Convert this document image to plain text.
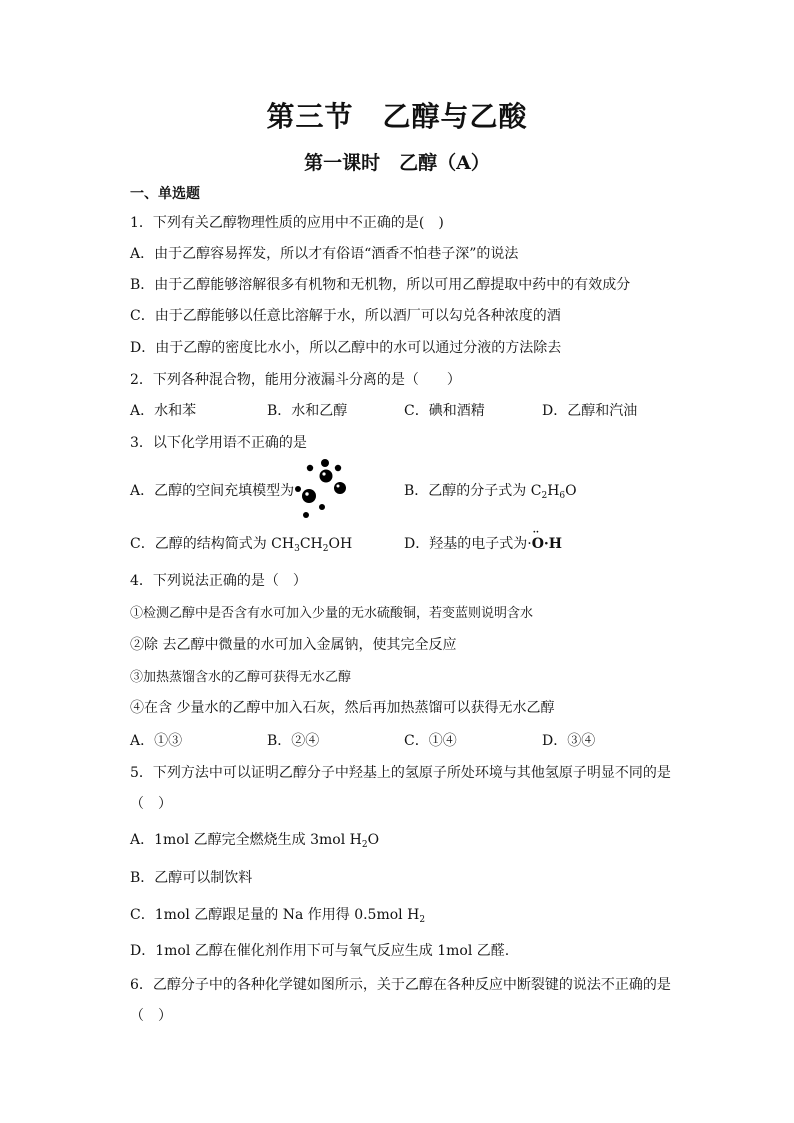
第三节　乙醇与乙酸
第一课时　乙醇（A）
一、单选题
1．下列有关乙醇物理性质的应用中不正确的是(　)
A．由于乙醇容易挥发，所以才有俗语“酒香不怕巷子深”的说法
B．由于乙醇能够溶解很多有机物和无机物，所以可用乙醇提取中药中的有效成分
C．由于乙醇能够以任意比溶解于水，所以酒厂可以勾兑各种浓度的酒
D．由于乙醇的密度比水小，所以乙醇中的水可以通过分液的方法除去
2．下列各种混合物，能用分液漏斗分离的是（　　）
A．水和苯	B．水和乙醇	C．碘和酒精	D．乙醇和汽油
3．以下化学用语不正确的是
A．乙醇的空间充填模型为	B．乙醇的分子式为 $C_2H_6O$
C．乙醇的结构简式为 $CH_3CH_2OH$	D．羟基的电子式为·
··
O·H
4．下列说法正确的是（　）
①检测乙醇中是否含有水可加入少量的无水硫酸铜，若变蓝则说明含水
②除 去乙醇中微量的水可加入金属钠，使其完全反应
③加热蒸馏含水的乙醇可获得无水乙醇
④在含 少量水的乙醇中加入石灰，然后再加热蒸馏可以获得无水乙醇
A．①③	B．②④	C．①④	D．③④
5．下列方法中可以证明乙醇分子中羟基上的氢原子所处环境与其他氢原子明显不同的是
（　）
A．1mol 乙醇完全燃烧生成 3mol $H_2O$
B．乙醇可以制饮料
C．1mol 乙醇跟足量的 Na 作用得 0.5mol $H_2$
D．1mol 乙醇在催化剂作用下可与氧气反应生成 1mol 乙醛.
6．乙醇分子中的各种化学键如图所示，关于乙醇在各种反应中断裂键的说法不正确的是
（　）
